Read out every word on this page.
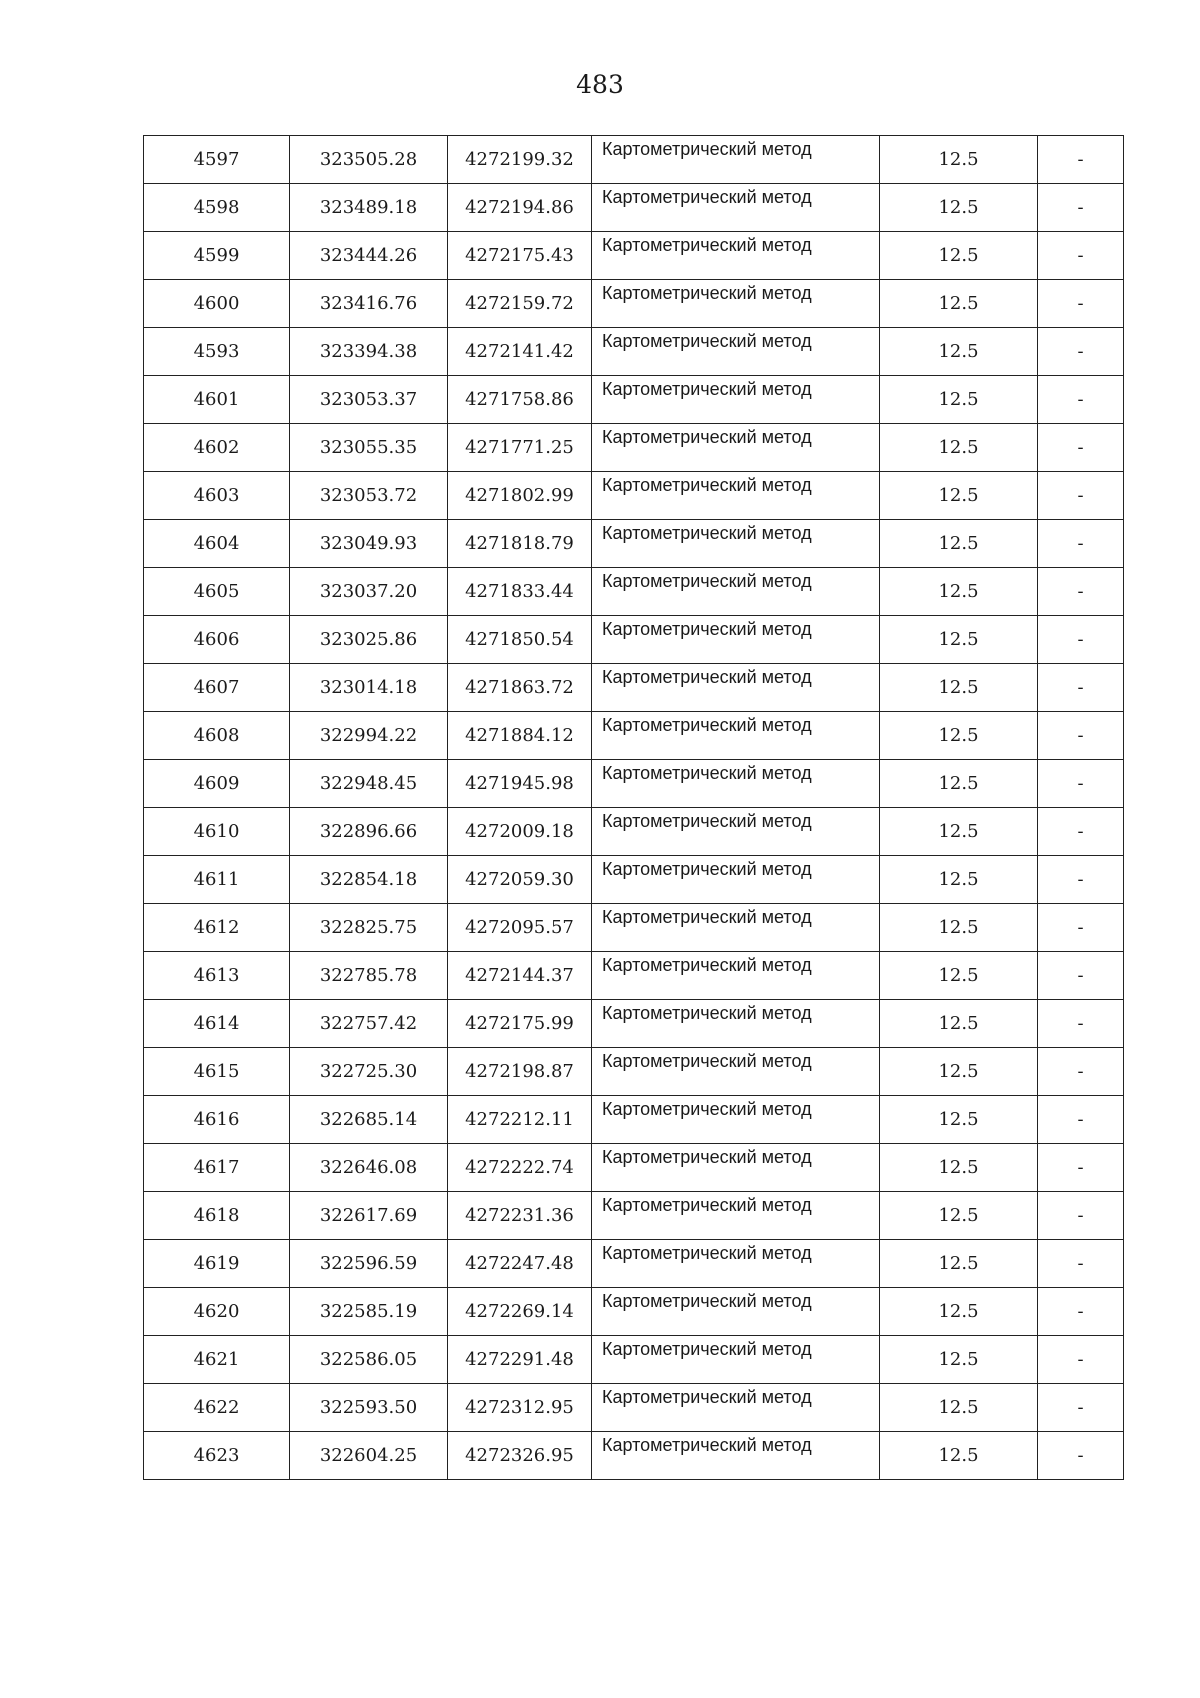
483
4597	323505.28	4272199.32	Картометрический метод	12.5	-
4598	323489.18	4272194.86	Картометрический метод	12.5	-
4599	323444.26	4272175.43	Картометрический метод	12.5	-
4600	323416.76	4272159.72	Картометрический метод	12.5	-
4593	323394.38	4272141.42	Картометрический метод	12.5	-
4601	323053.37	4271758.86	Картометрический метод	12.5	-
4602	323055.35	4271771.25	Картометрический метод	12.5	-
4603	323053.72	4271802.99	Картометрический метод	12.5	-
4604	323049.93	4271818.79	Картометрический метод	12.5	-
4605	323037.20	4271833.44	Картометрический метод	12.5	-
4606	323025.86	4271850.54	Картометрический метод	12.5	-
4607	323014.18	4271863.72	Картометрический метод	12.5	-
4608	322994.22	4271884.12	Картометрический метод	12.5	-
4609	322948.45	4271945.98	Картометрический метод	12.5	-
4610	322896.66	4272009.18	Картометрический метод	12.5	-
4611	322854.18	4272059.30	Картометрический метод	12.5	-
4612	322825.75	4272095.57	Картометрический метод	12.5	-
4613	322785.78	4272144.37	Картометрический метод	12.5	-
4614	322757.42	4272175.99	Картометрический метод	12.5	-
4615	322725.30	4272198.87	Картометрический метод	12.5	-
4616	322685.14	4272212.11	Картометрический метод	12.5	-
4617	322646.08	4272222.74	Картометрический метод	12.5	-
4618	322617.69	4272231.36	Картометрический метод	12.5	-
4619	322596.59	4272247.48	Картометрический метод	12.5	-
4620	322585.19	4272269.14	Картометрический метод	12.5	-
4621	322586.05	4272291.48	Картометрический метод	12.5	-
4622	322593.50	4272312.95	Картометрический метод	12.5	-
4623	322604.25	4272326.95	Картометрический метод	12.5	-
